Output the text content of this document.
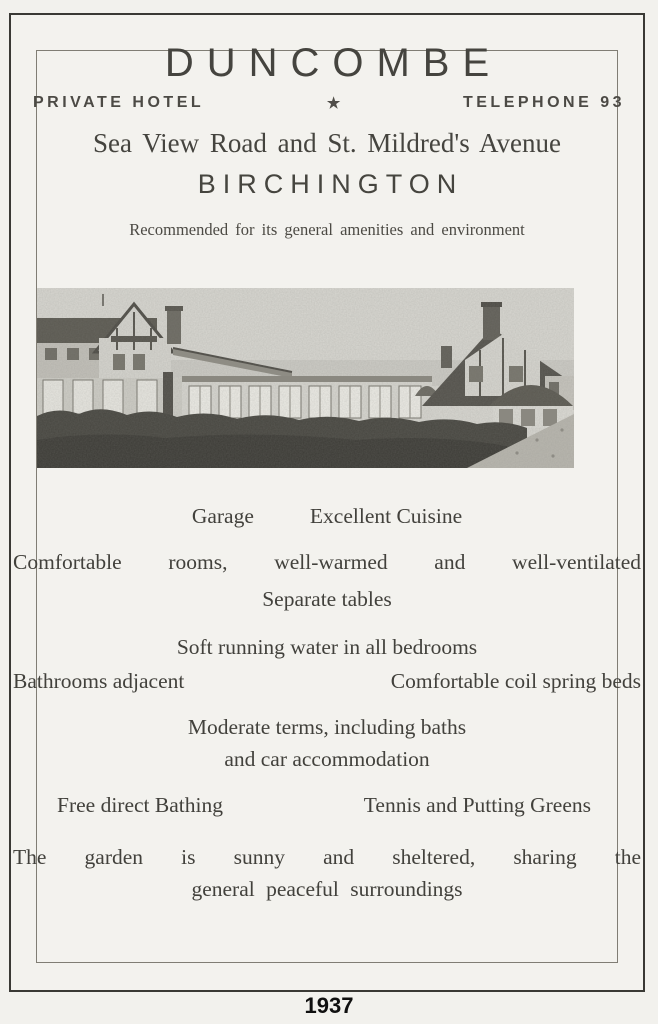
DUNCOMBE
PRIVATE HOTEL	★	TELEPHONE 93
Sea View Road and St. Mildred's Avenue
BIRCHINGTON
Recommended for its general amenities and environment
Garage	Excellent Cuisine
Comfortable rooms, well-warmed and well-ventilated
Separate tables
Soft running water in all bedrooms
Bathrooms adjacent	Comfortable coil spring beds
Moderate terms, including baths
and car accommodation
Free direct Bathing	Tennis and Putting Greens
The garden is sunny and sheltered, sharing the
general peaceful surroundings
1937
